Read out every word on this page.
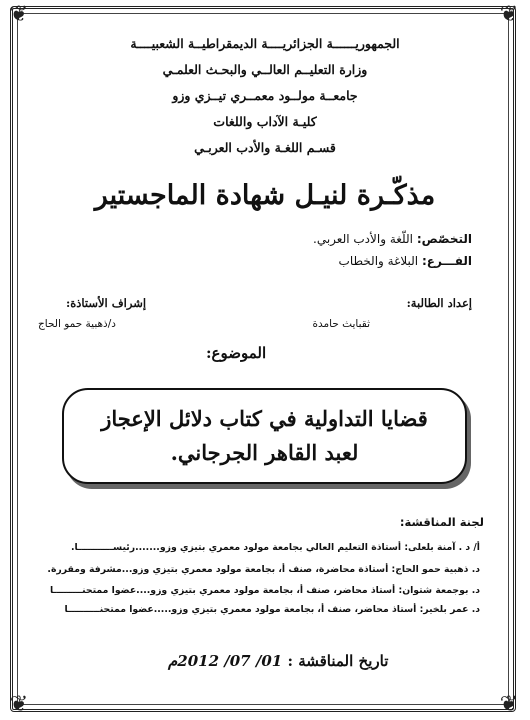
❦	❦
❦	❦
الجمهوريــــــة الجزائريــــة الديمقراطيــة الشعبيــــة
وزارة التعليــم العالــي والبحـث العلمـي
جامعــة مولــود معمــري تيــزي وزو
كليـة الآداب واللغات
قسـم اللغـة والأدب العربـي
مذكّـرة لنيـل شهادة الماجستير
التخصّص: اللّغة والأدب العربي.
الفـــرع: البلاغة والخطاب
إعداد الطالبة:
ثقبايث حامدة
إشراف الأستاذة:
د/ذهبية حمو الحاج
الموضوع:
قضايا التداولية في كتاب دلائل الإعجاز
لعبد القاهر الجرجاني.
لجنة المناقشة:
أ/ د . آمنة بلعلى: أستاذة التعليم العالي بجامعة مولود معمري بتيزي وزو.......رئيســـــــــــا.
د. ذهبية حمو الحاج: أستاذة محاضرة، صنف أ، بجامعة مولود معمري بتيزي وزو...مشرفة ومقررة.
د. بوجمعة شتوان: أستاذ محاضر، صنف أ، بجامعة مولود معمري بتيزي وزو....عضوا ممتحنـــــــــا
د. عمر بلخير: أستاذ محاضر، صنف أ، بجامعة مولود معمري بتيزي وزو.....عضوا ممتحنــــــــــا
تاريخ المناقشة : 01/ 07/ 2012م
